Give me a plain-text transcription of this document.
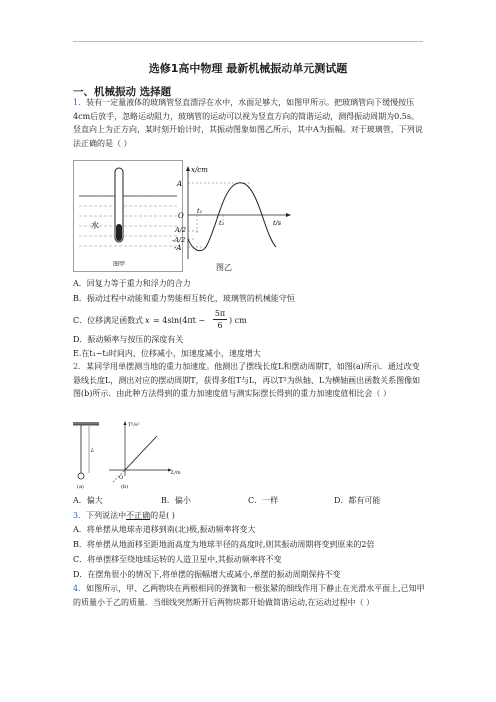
选修1高中物理 最新机械振动单元测试题
一、机械振动 选择题
1．装有一定量液体的玻璃管竖直漂浮在水中，水面足够大，如图甲所示。把玻璃管向下缓慢按压4cm后放手，忽略运动阻力，玻璃管的运动可以视为竖直方向的简谐运动，测得振动周期为0.5s。竖直向上为正方向，某时刻开始计时，其振动图象如图乙所示，其中A为振幅。对于玻璃管，下列说法正确的是（ ）
水
图甲
x/cm
t/s
O
A
A/2
-A/2
-A
t₁
t₂
图乙
A．回复力等于重力和浮力的合力
B．振动过程中动能和重力势能相互转化，玻璃管的机械能守恒
C．位移满足函数式 x = 4sin(4πt −
5π
6
) cm
D．振动频率与按压的深度有关
E.在t₁~t₂时间内，位移减小，加速度减小，速度增大
2．某同学用单摆测当地的重力加速度。他测出了摆线长度L和摆动周期T，如图(a)所示．通过改变悬线长度L，测出对应的摆动周期T，获得多组T与L，再以T²为纵轴、L为横轴画出函数关系图像如图(b)所示．由此种方法得到的重力加速度值与测实际摆长得到的重力加速度值相比会（ ）
L
(a)
T²/s²
L/m
O
(b)
A．偏大	B．偏小	C．一样	D．都有可能
3．下列说法中不正确的是( )
A．将单摆从地球赤道移到南(北)极,振动频率将变大
B．将单摆从地面移至距地面高度为地球半径的高度时,则其振动周期将变到原来的2倍
C．将单摆移至绕地球运转的人造卫星中,其振动频率将不变
D．在摆角很小的情况下,将单摆的振幅增大或减小,单摆的振动周期保持不变
4．如图所示，甲、乙两物块在两根相同的弹簧和一根张紧的细线作用下静止在光滑水平面上,已知甲的质量小于乙的质量．当细线突然断开后两物块都开始做简谐运动,在运动过程中（ ）
